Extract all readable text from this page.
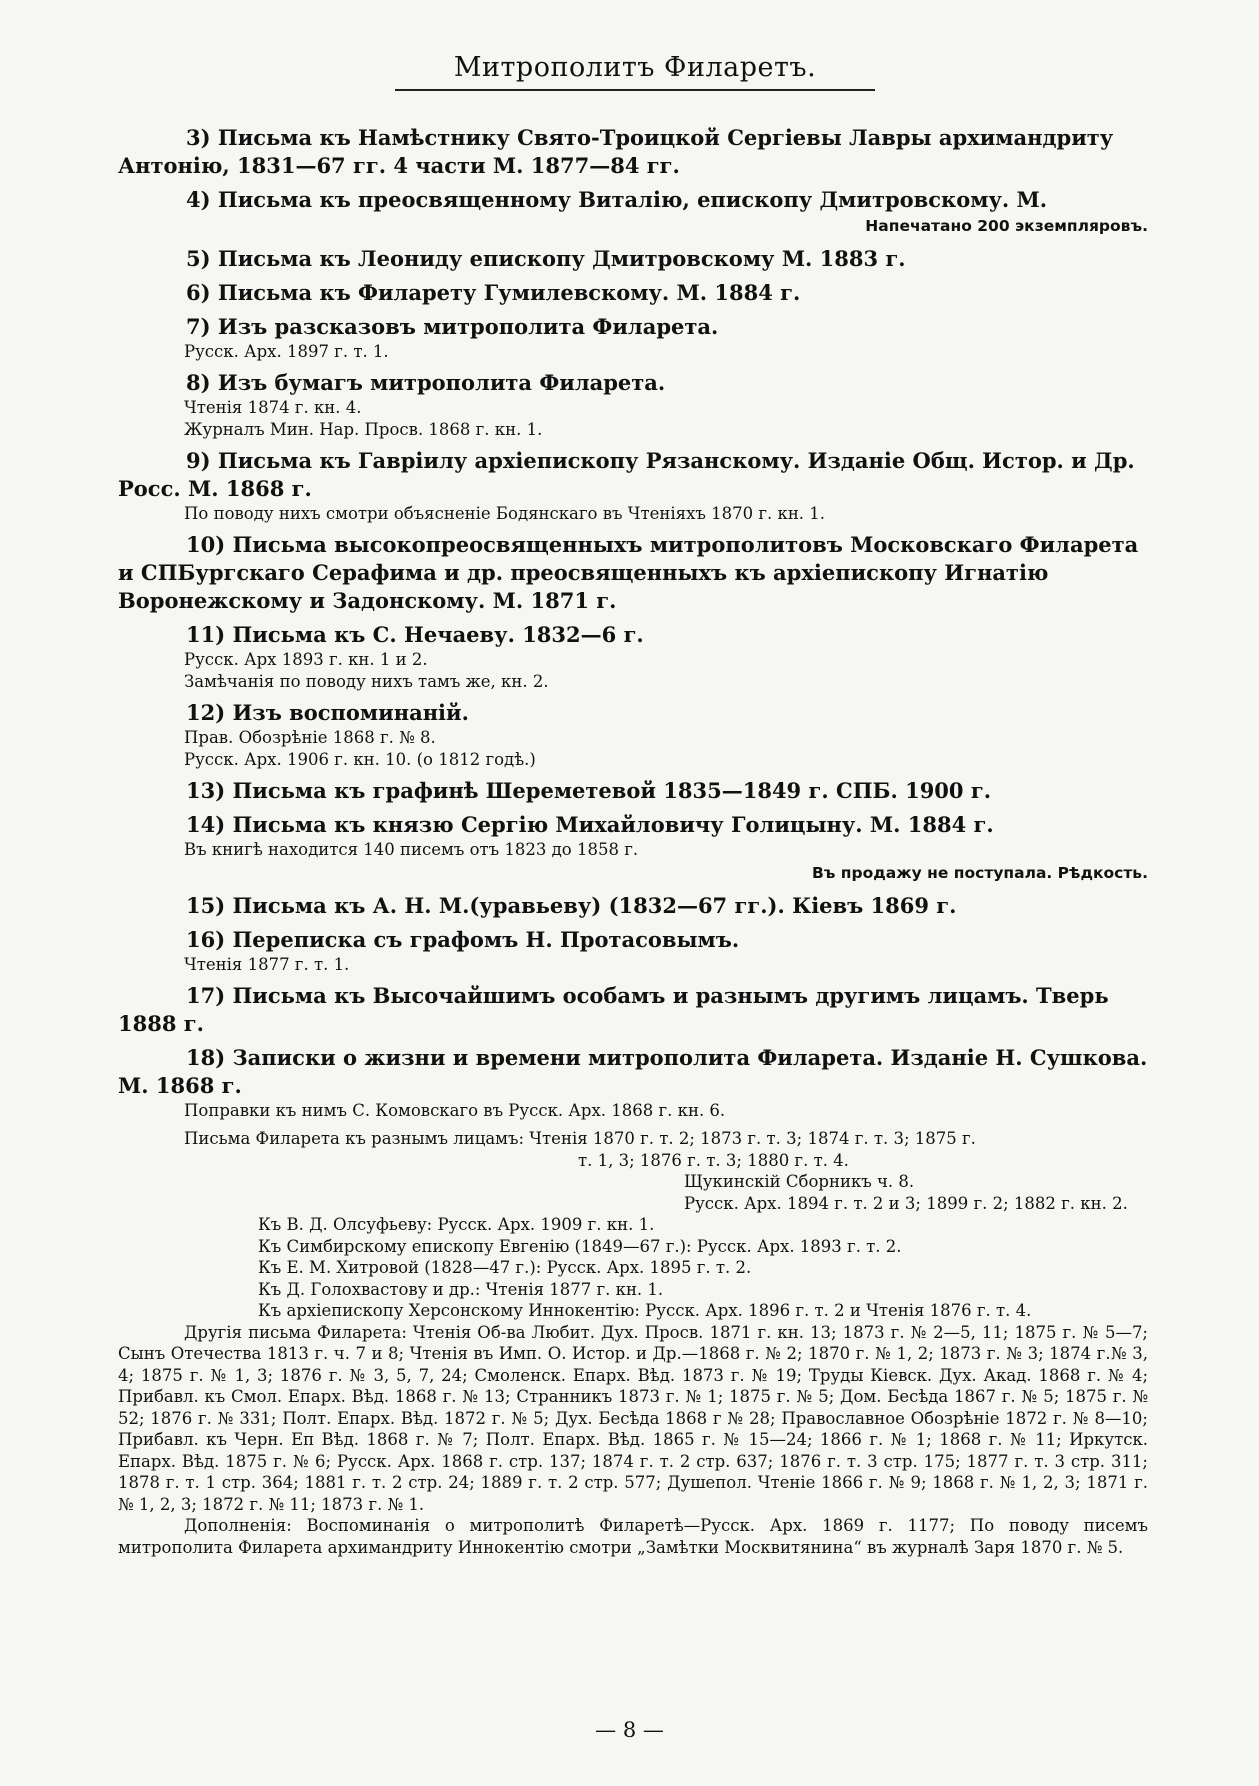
Митрополитъ Филаретъ.
3) Письма къ Намѣстнику Свято-Троицкой Сергіевы Лавры архимандриту Антонію, 1831—67 гг. 4 части М. 1877—84 гг.
4) Письма къ преосвященному Виталію, епископу Дмитровскому. М.
Напечатано 200 экземпляровъ.
5) Письма къ Леониду епископу Дмитровскому М. 1883 г.
6) Письма къ Филарету Гумилевскому. М. 1884 г.
7) Изъ разсказовъ митрополита Филарета.
Русск. Арх. 1897 г. т. 1.
8) Изъ бумагъ митрополита Филарета.
Чтенія 1874 г. кн. 4.
Журналъ Мин. Нар. Просв. 1868 г. кн. 1.
9) Письма къ Гавріилу архіепископу Рязанскому. Изданіе Общ. Истор. и Др. Росс. М. 1868 г.
По поводу нихъ смотри объясненіе Бодянскаго въ Чтеніяхъ 1870 г. кн. 1.
10) Письма высокопреосвященныхъ митрополитовъ Московскаго Филарета и СПБургскаго Серафима и др. преосвященныхъ къ архіепископу Игнатію Воронежскому и Задонскому. М. 1871 г.
11) Письма къ С. Нечаеву. 1832—6 г.
Русск. Арх 1893 г. кн. 1 и 2.
Замѣчанія по поводу нихъ тамъ же, кн. 2.
12) Изъ воспоминаній.
Прав. Обозрѣніе 1868 г. № 8.
Русск. Арх. 1906 г. кн. 10. (о 1812 годѣ.)
13) Письма къ графинѣ Шереметевой 1835—1849 г. СПБ. 1900 г.
14) Письма къ князю Сергію Михайловичу Голицыну. М. 1884 г.
Въ книгѣ находится 140 писемъ отъ 1823 до 1858 г.
Въ продажу не поступала. Рѣдкость.
15) Письма къ А. Н. М.(уравьеву) (1832—67 гг.). Кіевъ 1869 г.
16) Переписка съ графомъ Н. Протасовымъ.
Чтенія 1877 г. т. 1.
17) Письма къ Высочайшимъ особамъ и разнымъ другимъ лицамъ. Тверь 1888 г.
18) Записки о жизни и времени митрополита Филарета. Изданіе Н. Сушкова. М. 1868 г.
Поправки къ нимъ С. Комовскаго въ Русск. Арх. 1868 г. кн. 6.
Письма Филарета къ разнымъ лицамъ: Чтенія 1870 г. т. 2; 1873 г. т. 3; 1874 г. т. 3; 1875 г.
т. 1, 3; 1876 г. т. 3; 1880 г. т. 4.
Щукинскій Сборникъ ч. 8.
Русск. Арх. 1894 г. т. 2 и 3; 1899 г. 2; 1882 г. кн. 2.
Къ В. Д. Олсуфьеву: Русск. Арх. 1909 г. кн. 1.
Къ Симбирскому епископу Евгенію (1849—67 г.): Русск. Арх. 1893 г. т. 2.
Къ Е. М. Хитровой (1828—47 г.): Русск. Арх. 1895 г. т. 2.
Къ Д. Голохвастову и др.: Чтенія 1877 г. кн. 1.
Къ архіепископу Херсонскому Иннокентію: Русск. Арх. 1896 г. т. 2 и Чтенія 1876 г. т. 4.
Другія письма Филарета: Чтенія Об-ва Любит. Дух. Просв. 1871 г. кн. 13; 1873 г. № 2—5, 11; 1875 г. № 5—7; Сынъ Отечества 1813 г. ч. 7 и 8; Чтенія въ Имп. О. Истор. и Др.—1868 г. № 2; 1870 г. № 1, 2; 1873 г. № 3; 1874 г.№ 3, 4; 1875 г. № 1, 3; 1876 г. № 3, 5, 7, 24; Смоленск. Епарх. Вѣд. 1873 г. № 19; Труды Кіевск. Дух. Акад. 1868 г. № 4; Прибавл. къ Смол. Епарх. Вѣд. 1868 г. № 13; Странникъ 1873 г. № 1; 1875 г. № 5; Дом. Бесѣда 1867 г. № 5; 1875 г. № 52; 1876 г. № 331; Полт. Епарх. Вѣд. 1872 г. № 5; Дух. Бесѣда 1868 г № 28; Православное Обозрѣніе 1872 г. № 8—10; Прибавл. къ Черн. Еп Вѣд. 1868 г. № 7; Полт. Епарх. Вѣд. 1865 г. № 15—24; 1866 г. № 1; 1868 г. № 11; Иркутск. Епарх. Вѣд. 1875 г. № 6; Русск. Арх. 1868 г. стр. 137; 1874 г. т. 2 стр. 637; 1876 г. т. 3 стр. 175; 1877 г. т. 3 стр. 311; 1878 г. т. 1 стр. 364; 1881 г. т. 2 стр. 24; 1889 г. т. 2 стр. 577; Душепол. Чтеніе 1866 г. № 9; 1868 г. № 1, 2, 3; 1871 г. № 1, 2, 3; 1872 г. № 11; 1873 г. № 1.
Дополненія: Воспоминанія о митрополитѣ Филаретѣ—Русск. Арх. 1869 г. 1177; По поводу писемъ митрополита Филарета архимандриту Иннокентію смотри „Замѣтки Москвитянина“ въ журналѣ Заря 1870 г. № 5.
— 8 —
